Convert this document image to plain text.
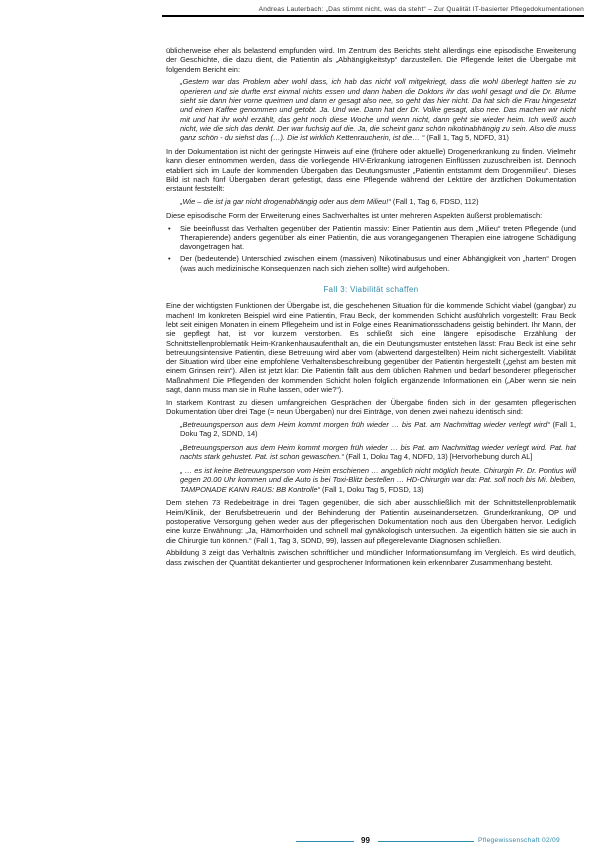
Andreas Lauterbach: „Das stimmt nicht, was da steht“ – Zur Qualität IT-basierter Pflegedokumentationen

üblicherweise eher als belastend empfunden wird. Im Zentrum des Berichts steht allerdings eine episodische Erweiterung der Geschichte, die dazu dient, die Patientin als „Abhängigkeitstyp“ darzustellen. Die Pflegende leitet die Übergabe mit folgendem Bericht ein:

„Gestern war das Problem aber wohl dass, ich hab das nicht voll mitgekriegt, dass die wohl überlegt hatten sie zu operieren und sie durfte erst einmal nichts essen und dann haben die Doktors ihr das wohl gesagt und die Dr. Blume sieht sie dann hier vorne queimen und dann er gesagt also nee, so geht das hier nicht. Da hat sich die Frau hingesetzt und einen Kaffee genommen und getobt. Ja. Und wie. Dann hat der Dr. Volke gesagt, also nee. Das machen wir nicht mit und hat ihr wohl erzählt, das geht noch diese Woche und wenn nicht, dann geht sie wieder heim. Ich weiß auch nicht, wie die sich das denkt. Der war fuchsig auf die. Ja, die scheint ganz schön nikotinabhängig zu sein. Also die muss ganz schön - du siehst das (…). Die ist wirklich Kettenraucherin, ist die… “ (Fall 1, Tag 5, NDFD, 31)

In der Dokumentation ist nicht der geringste Hinweis auf eine (frühere oder aktuelle) Drogenerkrankung zu finden. Vielmehr kann dieser entnommen werden, dass die vorliegende HIV-Erkrankung iatrogenen Einflüssen zuzuschreiben ist. Dennoch etabliert sich im Laufe der kommenden Übergaben das Deutungsmuster „Patientin entstammt dem Drogenmilieu“. Dieses Bild ist nach fünf Übergaben derart gefestigt, dass eine Pflegende während der Lektüre der ärztlichen Dokumentation erstaunt feststellt:

„Wie – die ist ja gar nicht drogenabhängig oder aus dem Milieu!“ (Fall 1, Tag 6, FDSD, 112)

Diese episodische Form der Erweiterung eines Sachverhaltes ist unter mehreren Aspekten äußerst problematisch:

• Sie beeinflusst das Verhalten gegenüber der Patientin massiv: Einer Patientin aus dem „Milieu“ treten Pflegende (und Therapierende) anders gegenüber als einer Patientin, die aus vorangegangenen Therapien eine iatrogene Schädigung davongetragen hat.
• Der (bedeutende) Unterschied zwischen einem (massiven) Nikotinabusus und einer Abhängigkeit von „harten“ Drogen (was auch medizinische Konsequenzen nach sich ziehen sollte) wird aufgehoben.
Fall 3: Viabilität schaffen

Eine der wichtigsten Funktionen der Übergabe ist, die geschehenen Situation für die kommende Schicht viabel (gangbar) zu machen! Im konkreten Beispiel wird eine Patientin, Frau Beck, der kommenden Schicht ausführlich vorgestellt: Frau Beck lebt seit einigen Monaten in einem Pflegeheim und ist in Folge eines Reanimationsschadens geistig behindert. Ihr Mann, der sie gepflegt hat, ist vor kurzem verstorben. Es schließt sich eine längere episodische Erzählung der Schnittstellenproblematik Heim-Krankenhausaufenthalt an, die ein Deutungsmuster entstehen lässt: Frau Beck ist eine sehr betreuungsintensive Patientin, diese Betreuung wird aber vom (abwertend dargestellten) Heim nicht sichergestellt. Viabilität der Situation wird über eine empfohlene Verhaltensbeschreibung gegenüber der Patientin hergestellt („gehst am besten mit einem Grinsen rein“). Allen ist jetzt klar: Die Patientin fällt aus dem üblichen Rahmen und bedarf besonderer pflegerischer Maßnahmen! Die Pflegenden der kommenden Schicht holen folglich ergänzende Informationen ein („Aber wenn sie nein sagt, dann muss man sie in Ruhe lassen, oder wie?“).

In starkem Kontrast zu diesen umfangreichen Gesprächen der Übergabe finden sich in der gesamten pflegerischen Dokumentation über drei Tage (= neun Übergaben) nur drei Einträge, von denen zwei nahezu identisch sind:

„Betreuungsperson aus dem Heim kommt morgen früh wieder … bis Pat. am Nachmittag wieder verlegt wird“ (Fall 1, Doku Tag 2, SDND, 14)

„Betreuungsperson aus dem Heim kommt morgen früh wieder … bis Pat. am Nachmittag wieder verlegt wird. Pat. hat nachts stark gehustet. Pat. ist schon gewaschen.“ (Fall 1, Doku Tag 4, NDFD, 13) [Hervorhebung durch AL]

„ … es ist keine Betreuungsperson vom Heim erschienen … angeblich nicht möglich heute. Chirurgin Fr. Dr. Pontius will gegen 20.00 Uhr kommen und die Auto is bei Toxi-Blitz bestellen … HD-Chirurgin war da: Pat. soll noch bis Mi. bleiben, TAMPONADE KANN RAUS: BB Kontrolle“ (Fall 1, Doku Tag 5, FDSD, 13)

Dem stehen 73 Redebeiträge in drei Tagen gegenüber, die sich aber ausschließlich mit der Schnittstellenproblematik Heim/Klinik, der Berufsbetreuerin und der Behinderung der Patientin auseinandersetzen. Grunderkrankung, OP und postoperative Versorgung gehen weder aus der pflegerischen Dokumentation noch aus den Übergaben hervor. Lediglich eine kurze Erwähnung: „Ja, Hämorrhoiden und schnell mal gynäkologisch untersuchen. Ja eigentlich hätten sie sie auch in die Chirurgie tun können.“ (Fall 1, Tag 3, SDND, 99), lassen auf pflegerelevante Diagnosen schließen.

Abbildung 3 zeigt das Verhältnis zwischen schriftlicher und mündlicher Informationsumfang im Vergleich. Es wird deutlich, dass zwischen der Quantität dekantierter und gesprochener Informationen kein erkennbarer Zusammenhang besteht.

99	Pflegewissenschaft 02/09
